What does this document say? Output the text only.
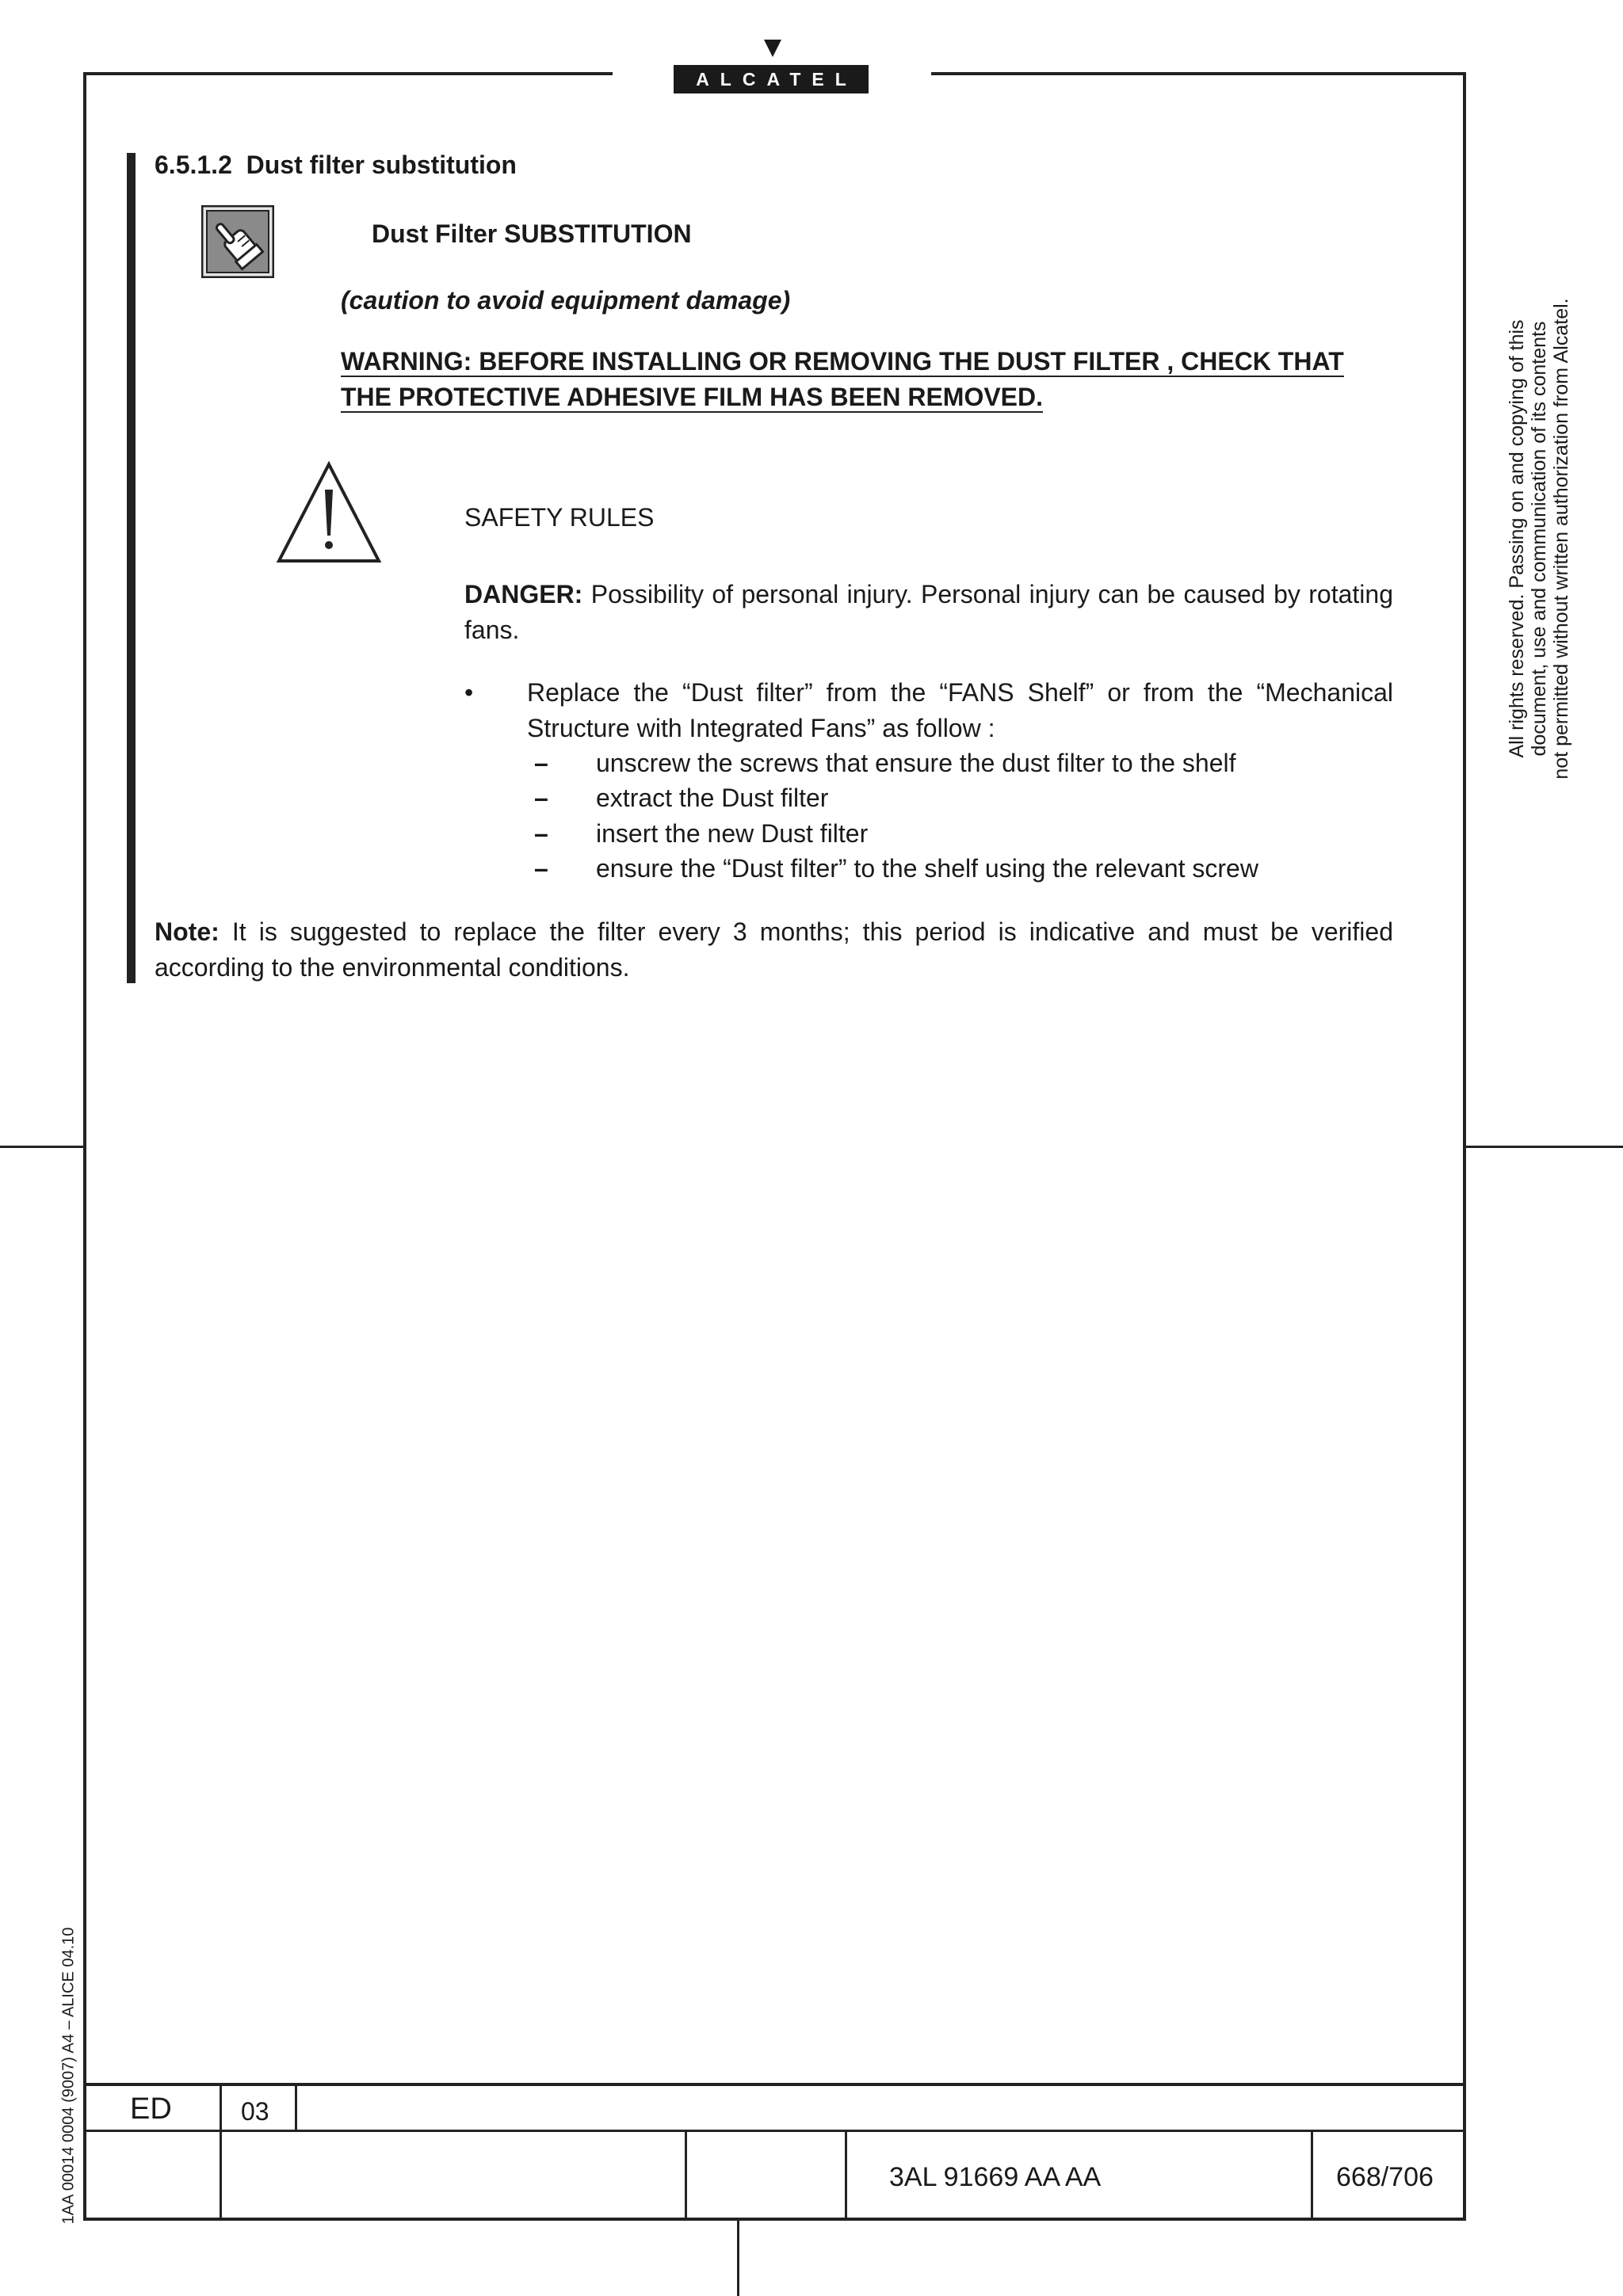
ALCATEL
6.5.1.2 Dust filter substitution
Dust Filter SUBSTITUTION
(caution to avoid equipment damage)
WARNING: BEFORE INSTALLING OR REMOVING THE DUST FILTER , CHECK THAT
THE PROTECTIVE ADHESIVE FILM HAS BEEN REMOVED.
SAFETY RULES
DANGER: Possibility of personal injury. Personal injury can be caused by rotating fans.
• Replace the “Dust filter” from the “FANS Shelf” or from the “Mechanical Structure with Integrated Fans” as follow :
– unscrew the screws that ensure the dust filter to the shelf
– extract the Dust filter
– insert the new Dust filter
– ensure the “Dust filter” to the shelf using the relevant screw
Note: It is suggested to replace the filter every 3 months; this period is indicative and must be verified according to the environmental conditions.
All rights reserved. Passing on and copying of this document, use and communication of its contents not permitted without written authorization from Alcatel.
1AA 00014 0004 (9007) A4 – ALICE 04.10 ED	03
3AL 91669 AA AA	668/706
